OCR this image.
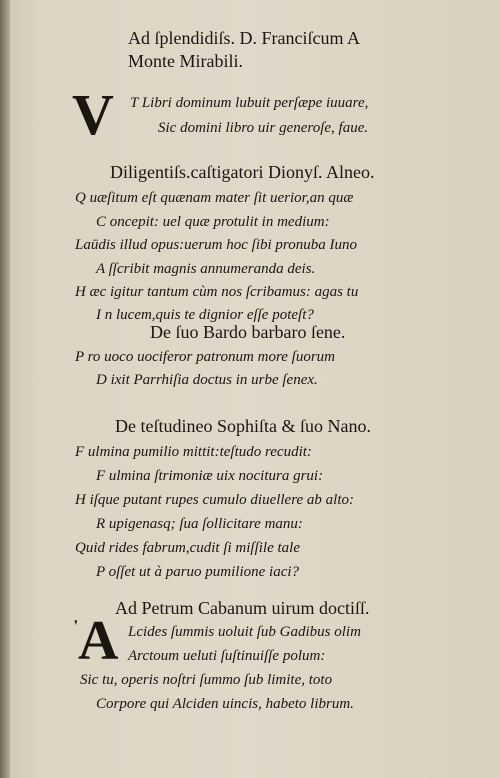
Ad ſplendidiſs. D. Franciſcum A
Monte Mirabili.
V T Libri dominum lubuit perſæpe iuuare,
Sic domini libro uir generoſe, faue.
Diligentiſs.caſtigatori Dionyſ. Alneo.
Q uæſitum eſt quænam mater ſit uerior,an quæ
C oncepit: uel quæ protulit in medium:
Laūdis illud opus:uerum hoc ſibi pronuba Iuno
A ſſcribit magnis annumeranda deis.
H æc igitur tantum cùm nos ſcribamus: agas tu
I n lucem,quis te dignior eſſe poteſt?
De ſuo Bardo barbaro ſene.
P ro uoco uociferor patronum more ſuorum
D ixit Parrhiſia doctus in urbe ſenex.
De teſtudineo Sophiſta & ſuo Nano.
F ulmina pumilio mittit:teſtudo recudit:
F ulmina ſtrimoniæ uix nocitura grui:
H iſque putant rupes cumulo diuellere ab alto:
R upigenasq; ſua ſollicitare manu:
Quid rides fabrum,cudit ſi miſſile tale
P oſſet ut à paruo pumilione iaci?
Ad Petrum Cabanum uirum doctiſſ.
❜ A Lcides ſummis uoluit ſub Gadibus olim
Arctoum ueluti ſuſtinuiſſe polum:
Sic tu, operis noſtri ſummo ſub limite, toto
Corpore qui Alciden uincis, habeto librum.
